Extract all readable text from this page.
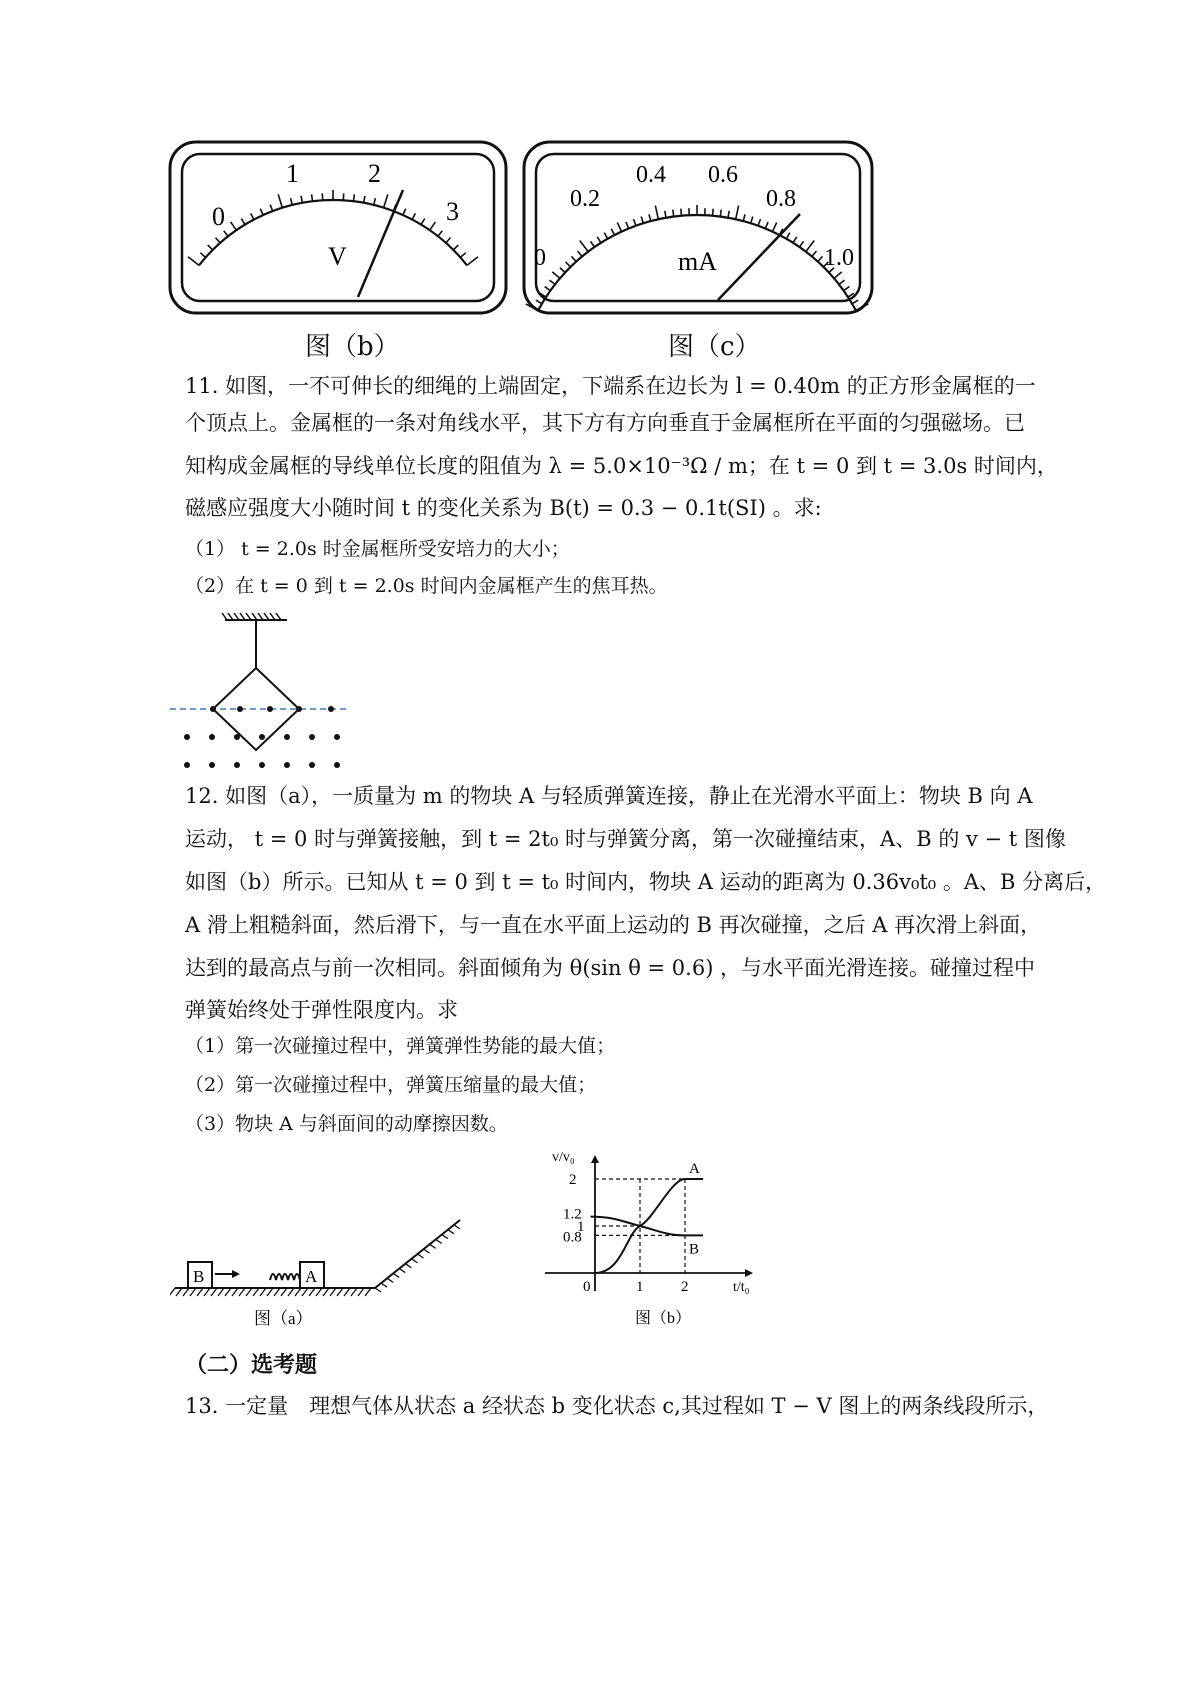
0
1	2
3
V
图（b）
0
0.2
0.4 0.6
0.8
1.0
mA
图（c）
11. 如图，一不可伸长的细绳的上端固定，下端系在边长为 l = 0.40m 的正方形金属框的一
个顶点上。金属框的一条对角线水平，其下方有方向垂直于金属框所在平面的匀强磁场。已
知构成金属框的导线单位长度的阻值为 λ = 5.0×10⁻³Ω / m；在 t = 0 到 t = 3.0s 时间内，
磁感应强度大小随时间 t 的变化关系为 B(t) = 0.3 − 0.1t(SI) 。求:
（1） t = 2.0s 时金属框所受安培力的大小；
（2）在 t = 0 到 t = 2.0s 时间内金属框产生的焦耳热。
12. 如图（a），一质量为 m 的物块 A 与轻质弹簧连接，静止在光滑水平面上：物块 B 向 A
运动， t = 0 时与弹簧接触，到 t = 2t₀ 时与弹簧分离，第一次碰撞结束，A、B 的 v − t 图像
如图（b）所示。已知从 t = 0 到 t = t₀ 时间内，物块 A 运动的距离为 0.36v₀t₀ 。A、B 分离后，
A 滑上粗糙斜面，然后滑下，与一直在水平面上运动的 B 再次碰撞，之后 A 再次滑上斜面，
达到的最高点与前一次相同。斜面倾角为 θ(sin θ = 0.6) ，与水平面光滑连接。碰撞过程中
弹簧始终处于弹性限度内。求
（1）第一次碰撞过程中，弹簧弹性势能的最大值；
（2）第一次碰撞过程中，弹簧压缩量的最大值；
（3）物块 A 与斜面间的动摩擦因数。
B	A
图（a）
v/v₀
t/t₀
2
1.2
1
0.8
0	1	2
A
B
图（b）
（二）选考题
13. 一定量　理想气体从状态 a 经状态 b 变化状态 c,其过程如 T − V 图上的两条线段所示，
